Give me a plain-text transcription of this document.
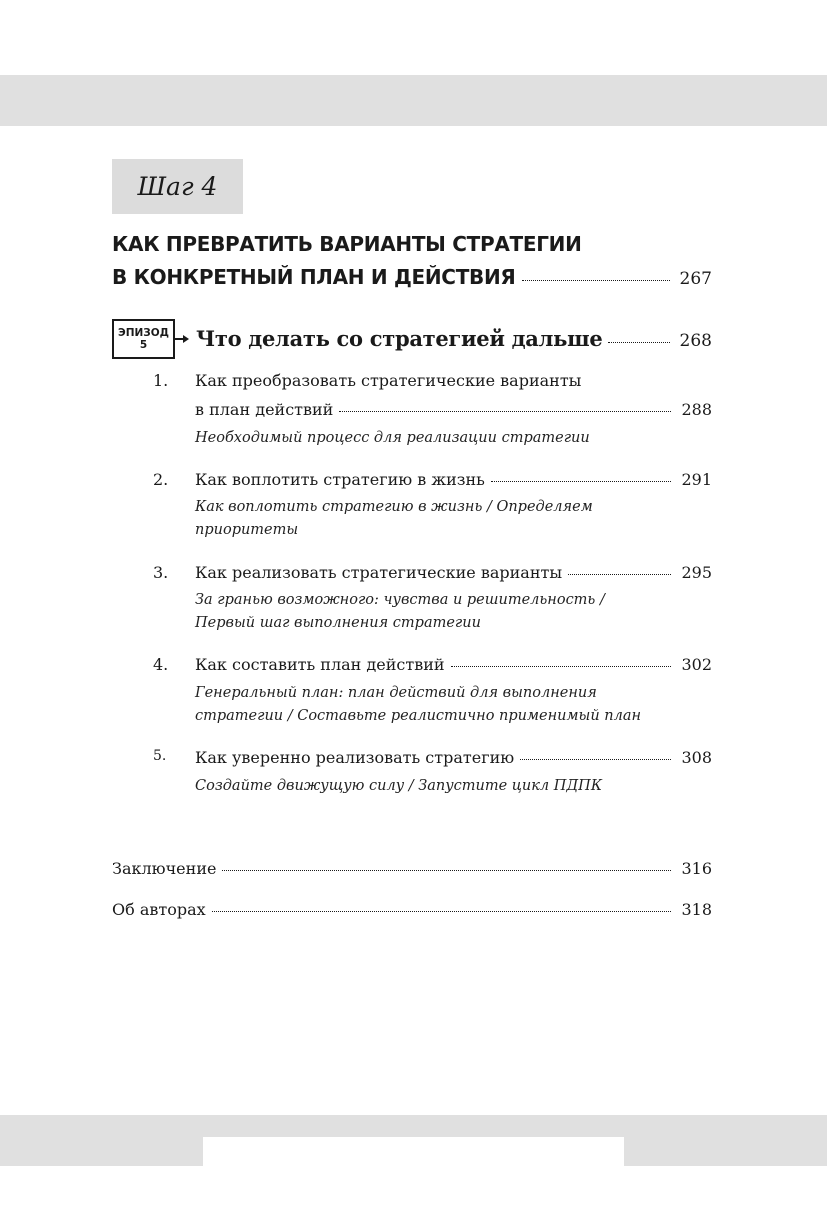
Шаг 4
КАК ПРЕВРАТИТЬ ВАРИАНТЫ СТРАТЕГИИ
В КОНКРЕТНЫЙ ПЛАН И ДЕЙСТВИЯ	267
ЭПИЗОД
5 Что делать со стратегией дальше	268
1. Как преобразовать стратегические варианты
в план действий	288
Необходимый процесс для реализации стратегии
2. Как воплотить стратегию в жизнь	291
Как воплотить стратегию в жизнь / Определяем
приоритеты
3. Как реализовать стратегические варианты	295
За гранью возможного: чувства и решительность /
Первый шаг выполнения стратегии
4. Как составить план действий	302
Генеральный план: план действий для выполнения
стратегии / Составьте реалистично применимый план
5. Как уверенно реализовать стратегию	308
Создайте движущую силу / Запустите цикл ПДПК
Заключение	316
Об авторах	318
